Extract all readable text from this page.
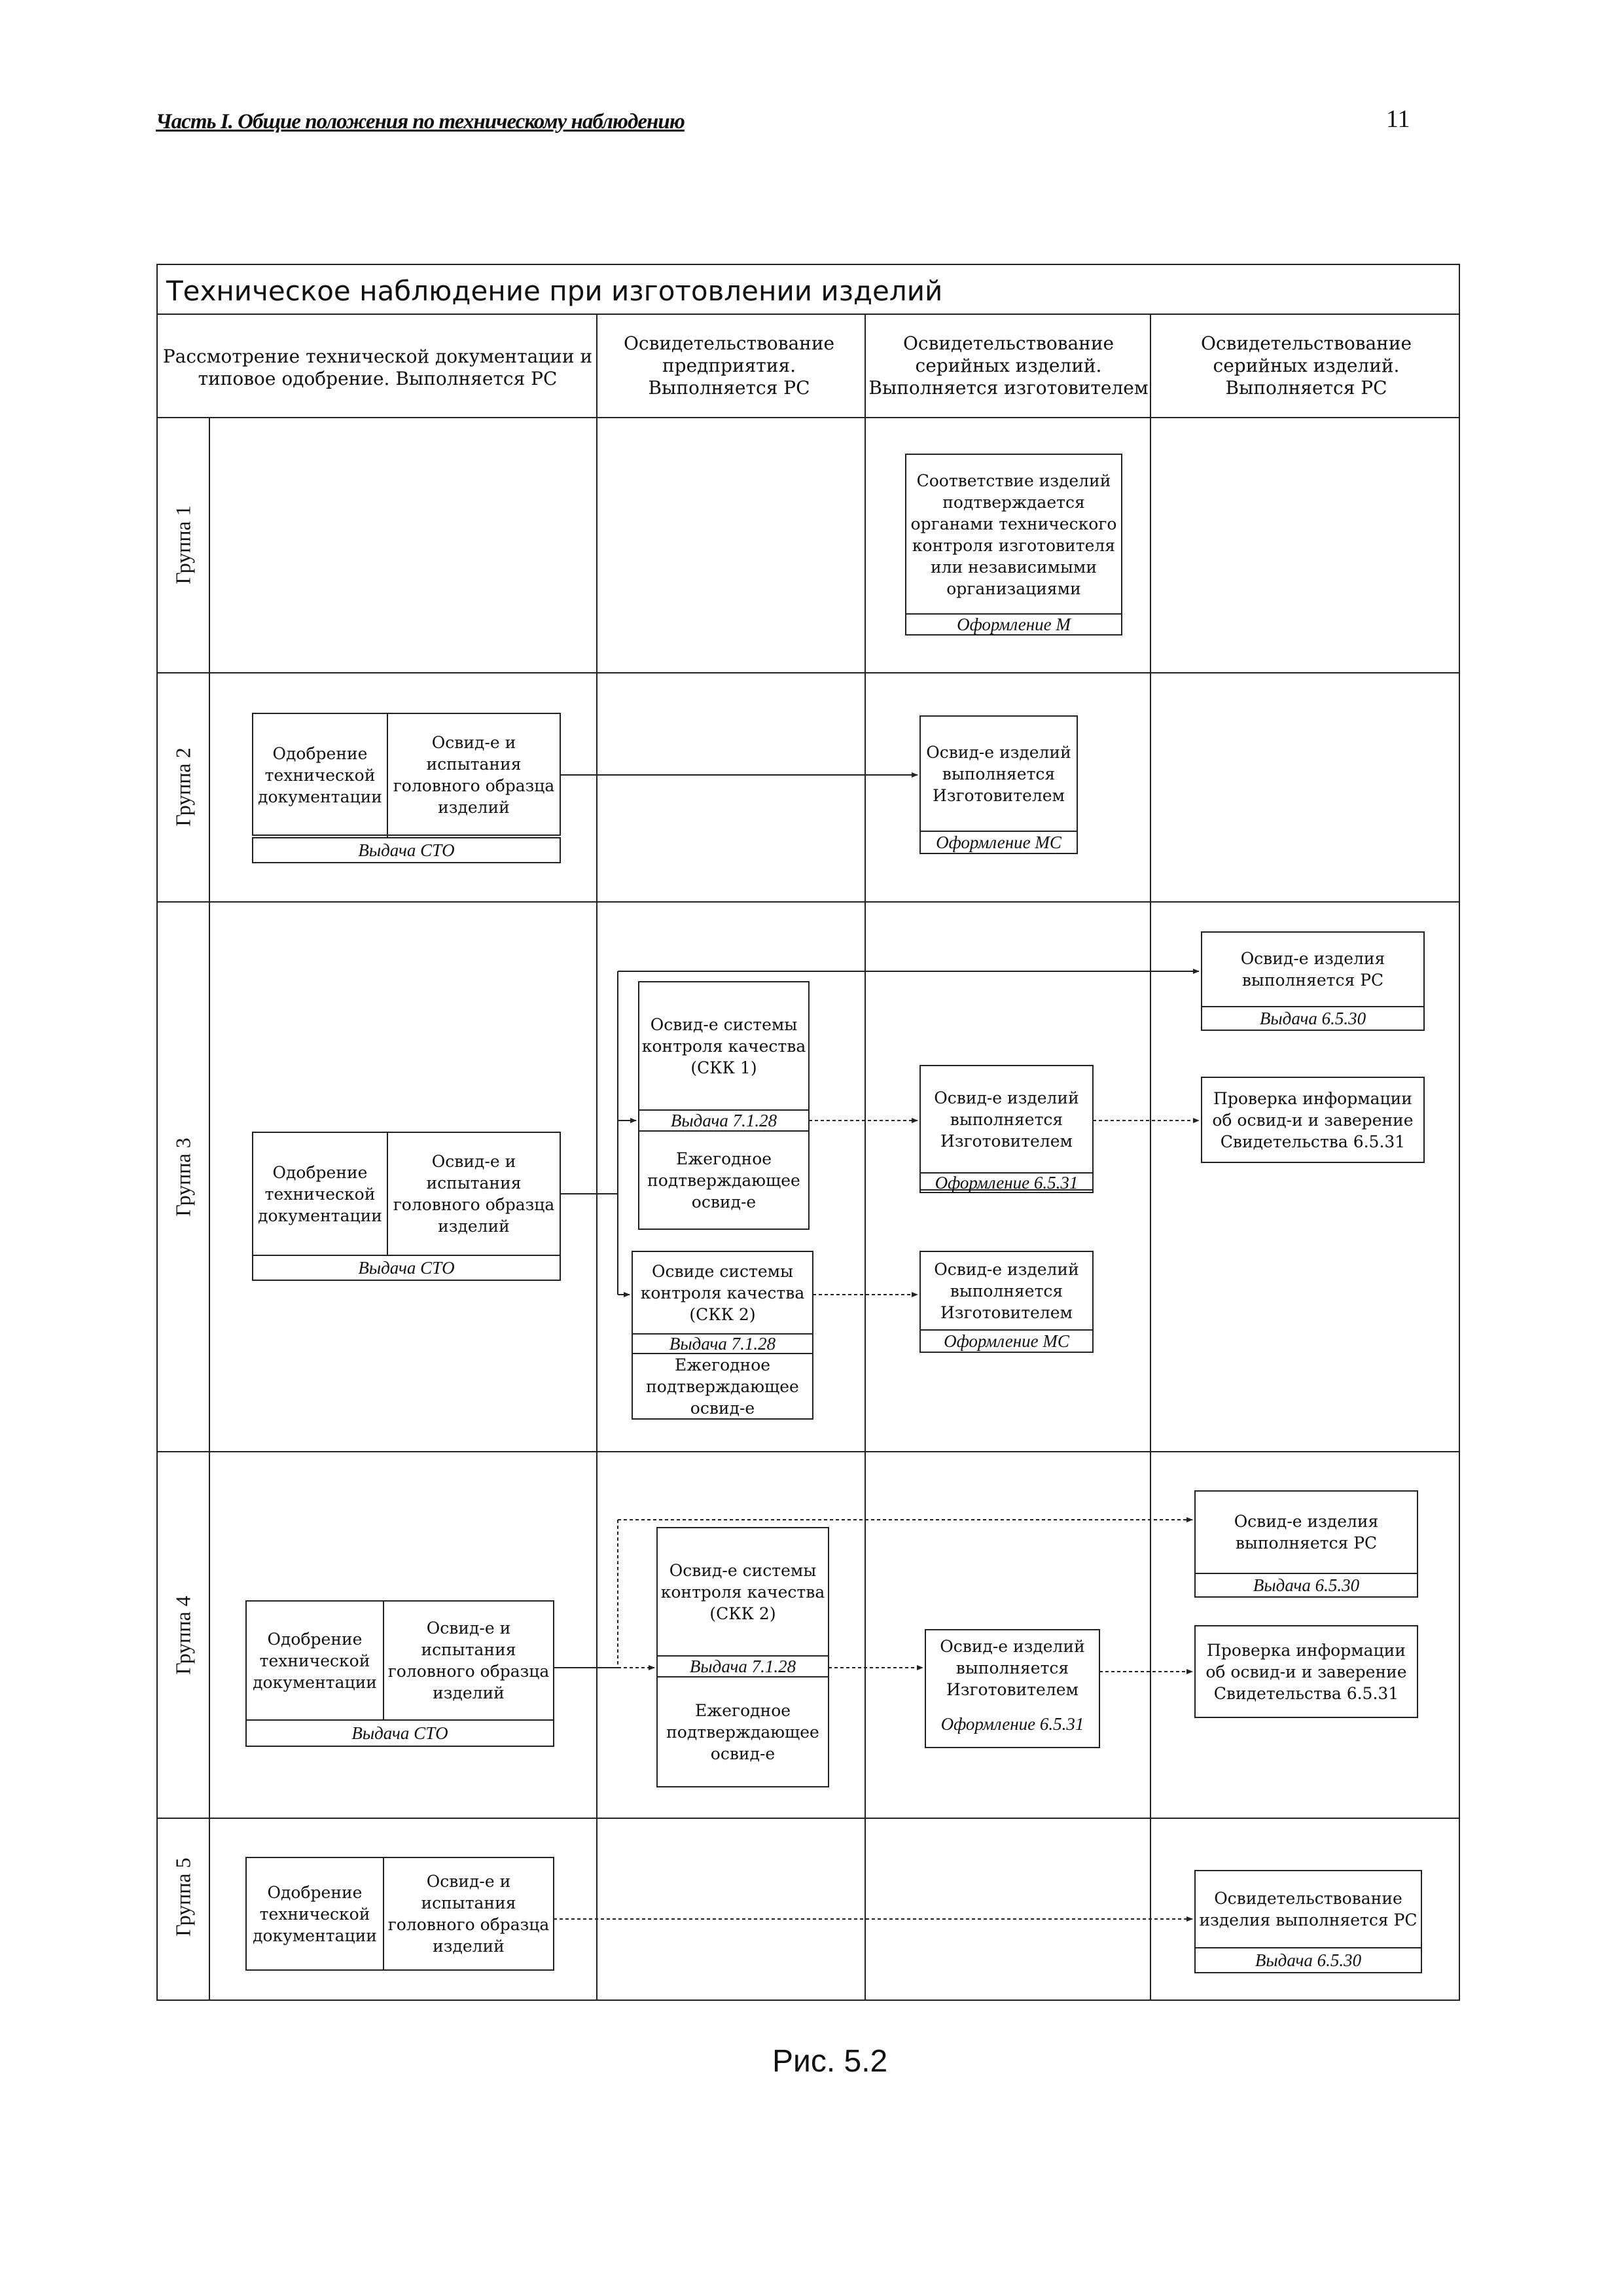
Часть I. Общие положения по техническому наблюдению	11
Техническое наблюдение при изготовлении изделий
Рассмотрение технической документации и типовое одобрение. Выполняется РС
Освидетельствование предприятия. Выполняется РС
Освидетельствование серийных изделий. Выполняется изготовителем
Освидетельствование серийных изделий. Выполняется РС
Группа 1
Группа 2
Группа 3
Группа 4
Группа 5
Соответствие изделий подтверждается органами технического контроля изготовителя или независимыми организациями
Оформление М
Одобрение технической документации
Освид-е и испытания головного образца изделий
Выдача СТО
Освид-е изделий выполняется Изготовителем
Оформление МС
Освид-е изделия выполняется РС
Выдача 6.5.30
Освид-е системы контроля качества (СКК 1)
Выдача 7.1.28
Ежегодное подтверждающее освид-е
Освид-е изделий выполняется Изготовителем
Оформление 6.5.31
Проверка информации об освид-и и заверение Свидетельства 6.5.31
Одобрение технической документации
Освид-е и испытания головного образца изделий
Выдача СТО	Освиде системы контроля качества (СКК 2)
Выдача 7.1.28
Ежегодное подтверждающее освид-е
Освид-е изделий выполняется Изготовителем
Оформление МС
Освид-е изделия выполняется РС
Выдача 6.5.30
Освид-е системы контроля качества (СКК 2)
Выдача 7.1.28
Ежегодное подтверждающее освид-е
Освид-е изделий выполняется Изготовителем
Оформление 6.5.31
Проверка информации об освид-и и заверение Свидетельства 6.5.31
Одобрение технической документации
Освид-е и испытания головного образца изделий
Выдача СТО
Одобрение технической документации
Освид-е и испытания головного образца изделий
Освидетельствование изделия выполняется РС
Выдача 6.5.30
Рис. 5.2
